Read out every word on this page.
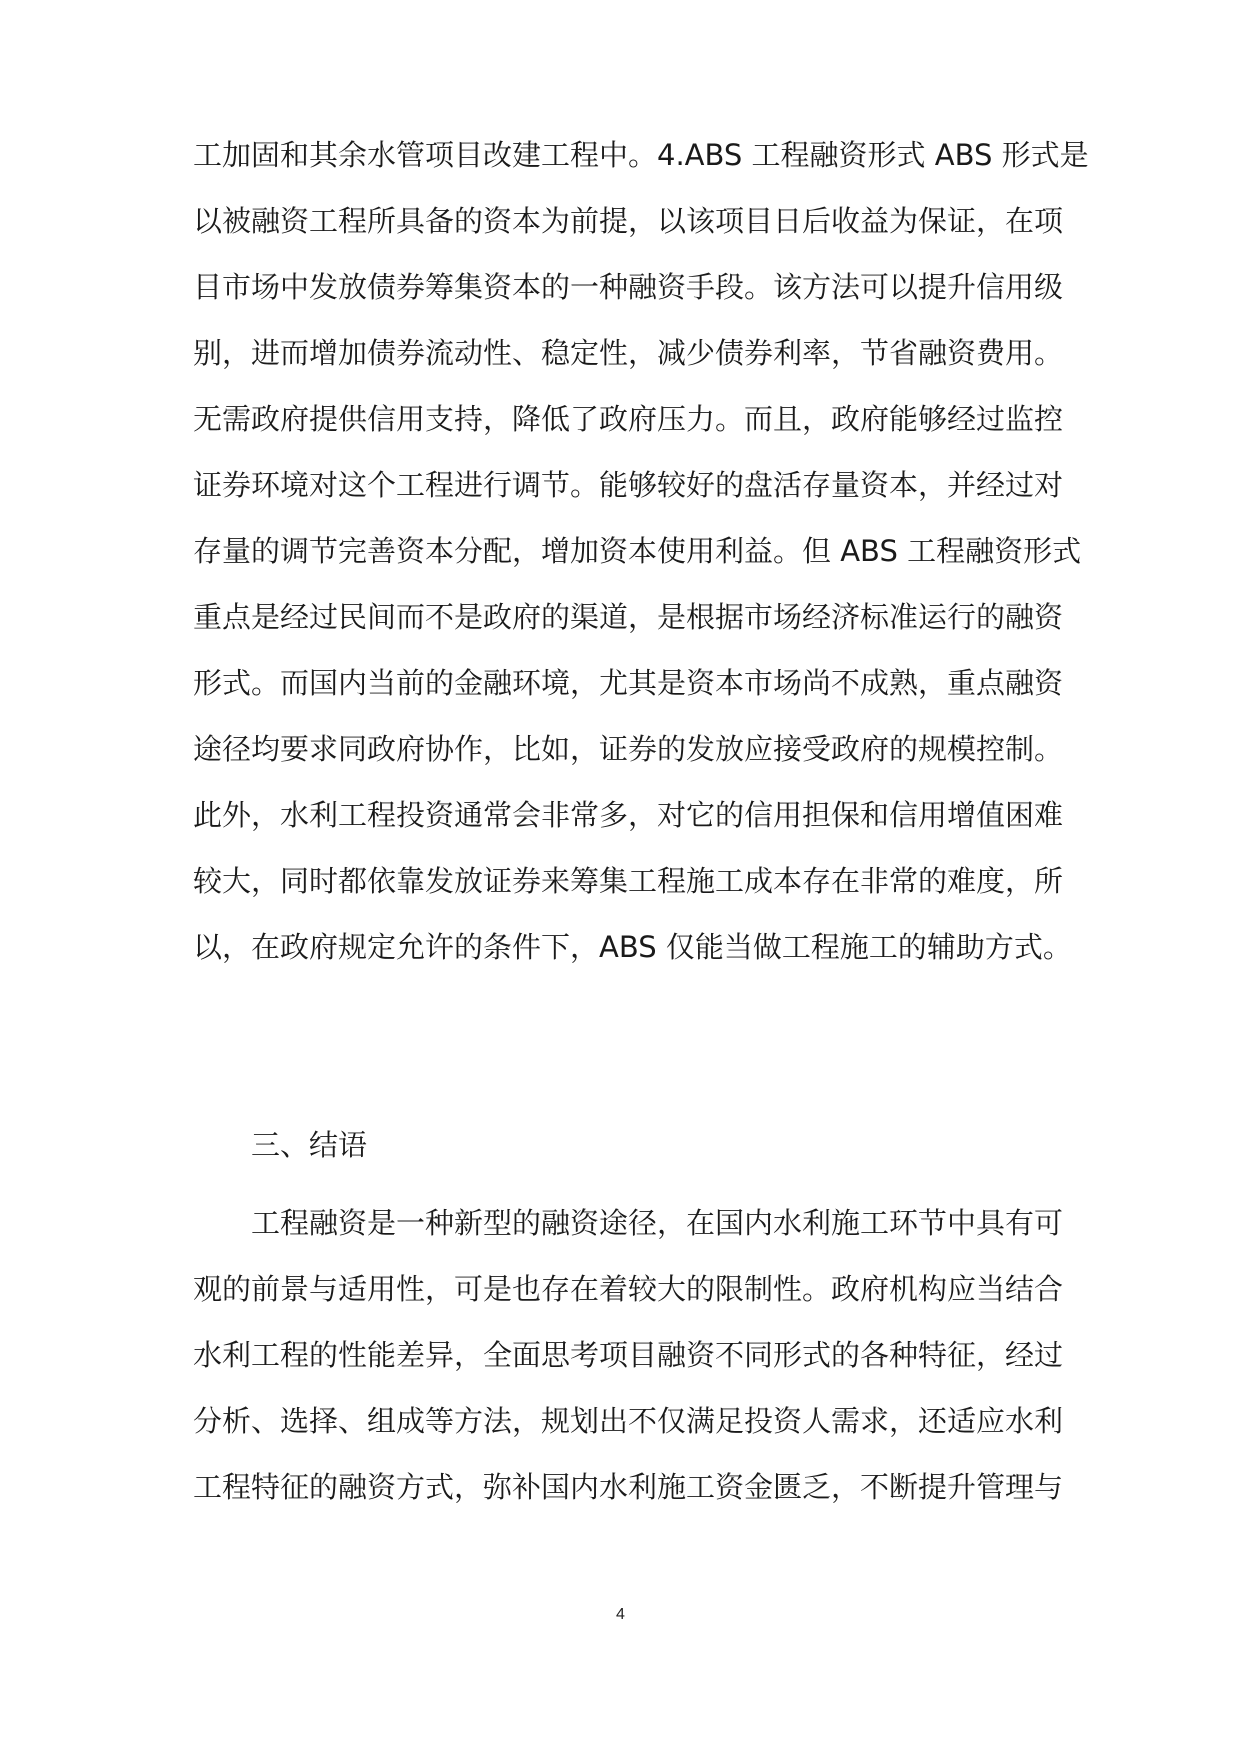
工加固和其余水管项目改建工程中。4.ABS 工程融资形式 ABS 形式是
以被融资工程所具备的资本为前提，以该项目日后收益为保证，在项
目市场中发放债券筹集资本的一种融资手段。该方法可以提升信用级
别，进而增加债券流动性、稳定性，减少债券利率，节省融资费用。
无需政府提供信用支持，降低了政府压力。而且，政府能够经过监控
证券环境对这个工程进行调节。能够较好的盘活存量资本，并经过对
存量的调节完善资本分配，增加资本使用利益。但 ABS 工程融资形式
重点是经过民间而不是政府的渠道，是根据市场经济标准运行的融资
形式。而国内当前的金融环境，尤其是资本市场尚不成熟，重点融资
途径均要求同政府协作，比如，证券的发放应接受政府的规模控制。
此外，水利工程投资通常会非常多，对它的信用担保和信用增值困难
较大，同时都依靠发放证券来筹集工程施工成本存在非常的难度，所
以，在政府规定允许的条件下，ABS 仅能当做工程施工的辅助方式。
三、结语
工程融资是一种新型的融资途径，在国内水利施工环节中具有可
观的前景与适用性，可是也存在着较大的限制性。政府机构应当结合
水利工程的性能差异，全面思考项目融资不同形式的各种特征，经过
分析、选择、组成等方法，规划出不仅满足投资人需求，还适应水利
工程特征的融资方式，弥补国内水利施工资金匮乏，不断提升管理与
4
